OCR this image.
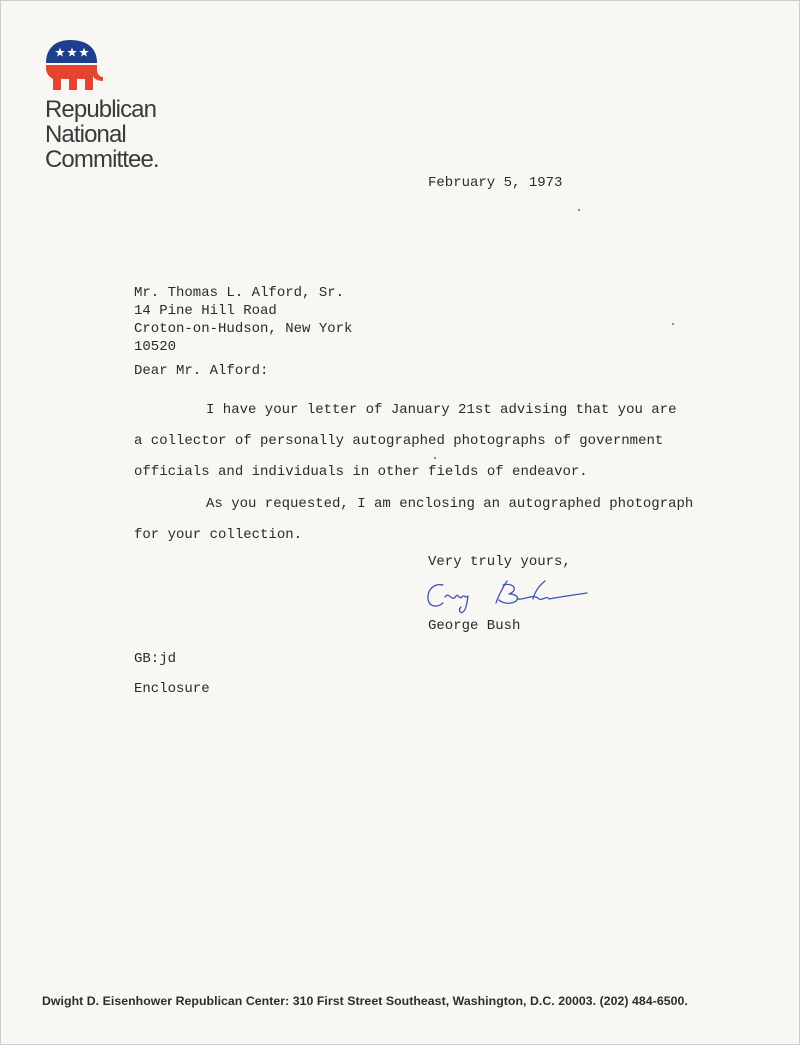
Republican
National
Committee.
February 5, 1973
Mr. Thomas L. Alford, Sr.
14 Pine Hill Road
Croton-on-Hudson, New York
10520
Dear Mr. Alford:
I have your letter of January 21st advising that you are
a collector of personally autographed photographs of government
officials and individuals in other fields of endeavor.
As you requested, I am enclosing an autographed photograph
for your collection.
Very truly yours,
George Bush
GB:jd
Enclosure
Dwight D. Eisenhower Republican Center: 310 First Street Southeast, Washington, D.C. 20003. (202) 484-6500.
